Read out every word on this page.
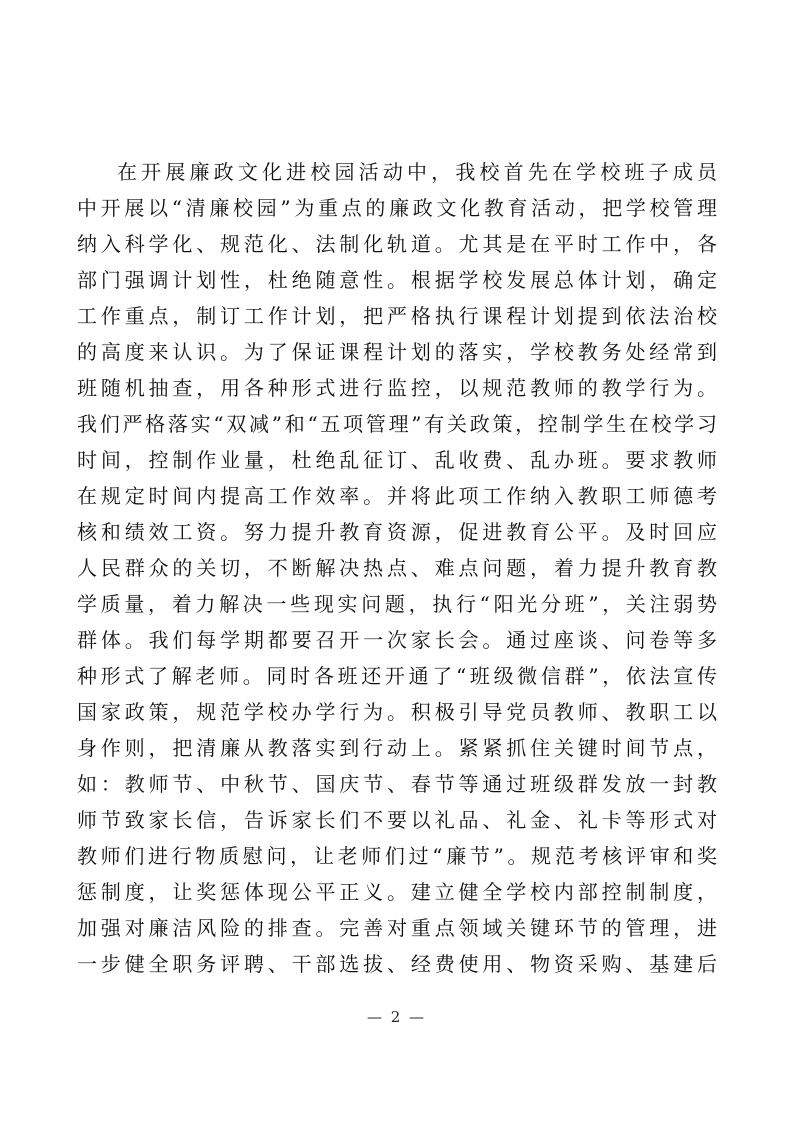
在开展廉政文化进校园活动中，我校首先在学校班子成员
中开展以“清廉校园”为重点的廉政文化教育活动，把学校管理
纳入科学化、规范化、法制化轨道。尤其是在平时工作中，各
部门强调计划性，杜绝随意性。根据学校发展总体计划，确定
工作重点，制订工作计划，把严格执行课程计划提到依法治校
的高度来认识。为了保证课程计划的落实，学校教务处经常到
班随机抽查，用各种形式进行监控，以规范教师的教学行为。
我们严格落实“双减”和“五项管理”有关政策，控制学生在校学习
时间，控制作业量，杜绝乱征订、乱收费、乱办班。要求教师
在规定时间内提高工作效率。并将此项工作纳入教职工师德考
核和绩效工资。努力提升教育资源，促进教育公平。及时回应
人民群众的关切，不断解决热点、难点问题，着力提升教育教
学质量，着力解决一些现实问题，执行“阳光分班”，关注弱势
群体。我们每学期都要召开一次家长会。通过座谈、问卷等多
种形式了解老师。同时各班还开通了“班级微信群”，依法宣传
国家政策，规范学校办学行为。积极引导党员教师、教职工以
身作则，把清廉从教落实到行动上。紧紧抓住关键时间节点，
如：教师节、中秋节、国庆节、春节等通过班级群发放一封教
师节致家长信，告诉家长们不要以礼品、礼金、礼卡等形式对
教师们进行物质慰问，让老师们过“廉节”。规范考核评审和奖
惩制度，让奖惩体现公平正义。建立健全学校内部控制制度，
加强对廉洁风险的排查。完善对重点领域关键环节的管理，进
一步健全职务评聘、干部选拔、经费使用、物资采购、基建后
— 2 —
